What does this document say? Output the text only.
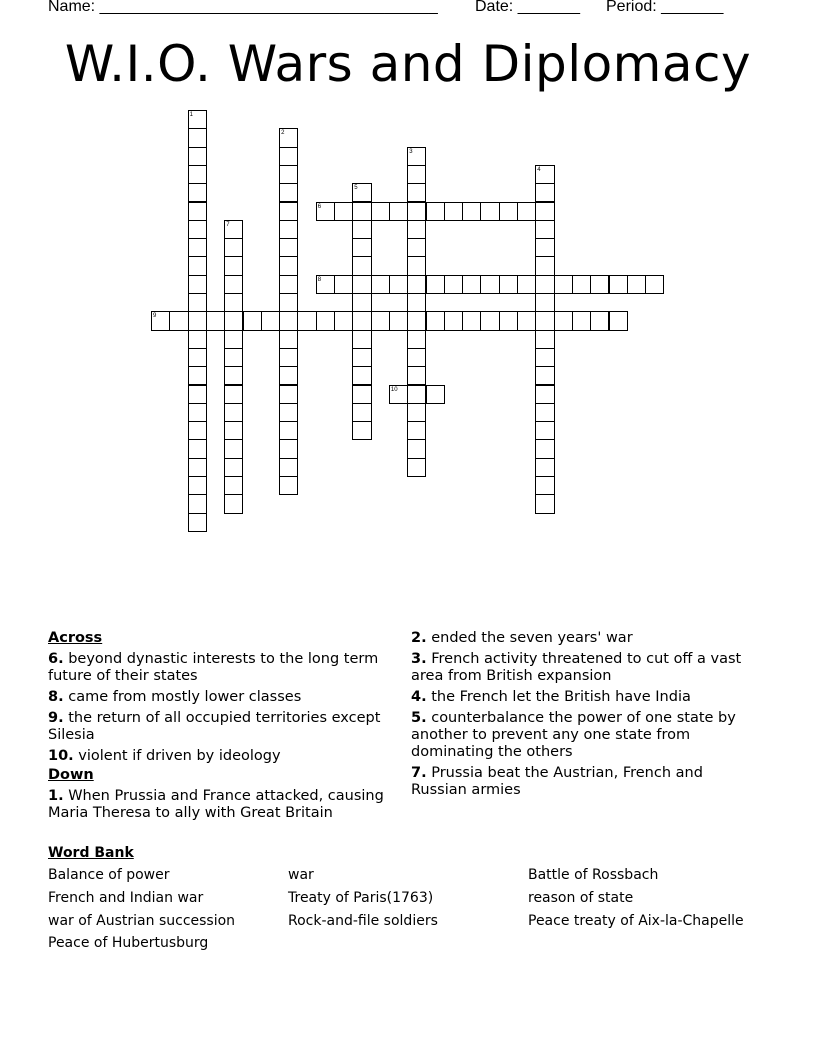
Name: ______________________________________ Date: _______ Period: _______
W.I.O. Wars and Diplomacy
1
2
3
4
5
6
7
8
9
10
Across
6. beyond dynastic interests to the long term future of their states
8. came from mostly lower classes
9. the return of all occupied territories except Silesia
10. violent if driven by ideology
Down
1. When Prussia and France attacked, causing Maria Theresa to ally with Great Britain
2. ended the seven years' war
3. French activity threatened to cut off a vast area from British expansion
4. the French let the British have India
5. counterbalance the power of one state by another to prevent any one state from dominating the others
7. Prussia beat the Austrian, French and Russian armies
Word Bank
Balance of power	war	Battle of Rossbach
French and Indian war	Treaty of Paris(1763)	reason of state
war of Austrian succession	Rock-and-file soldiers	Peace treaty of Aix-la-Chapelle
Peace of Hubertusburg
